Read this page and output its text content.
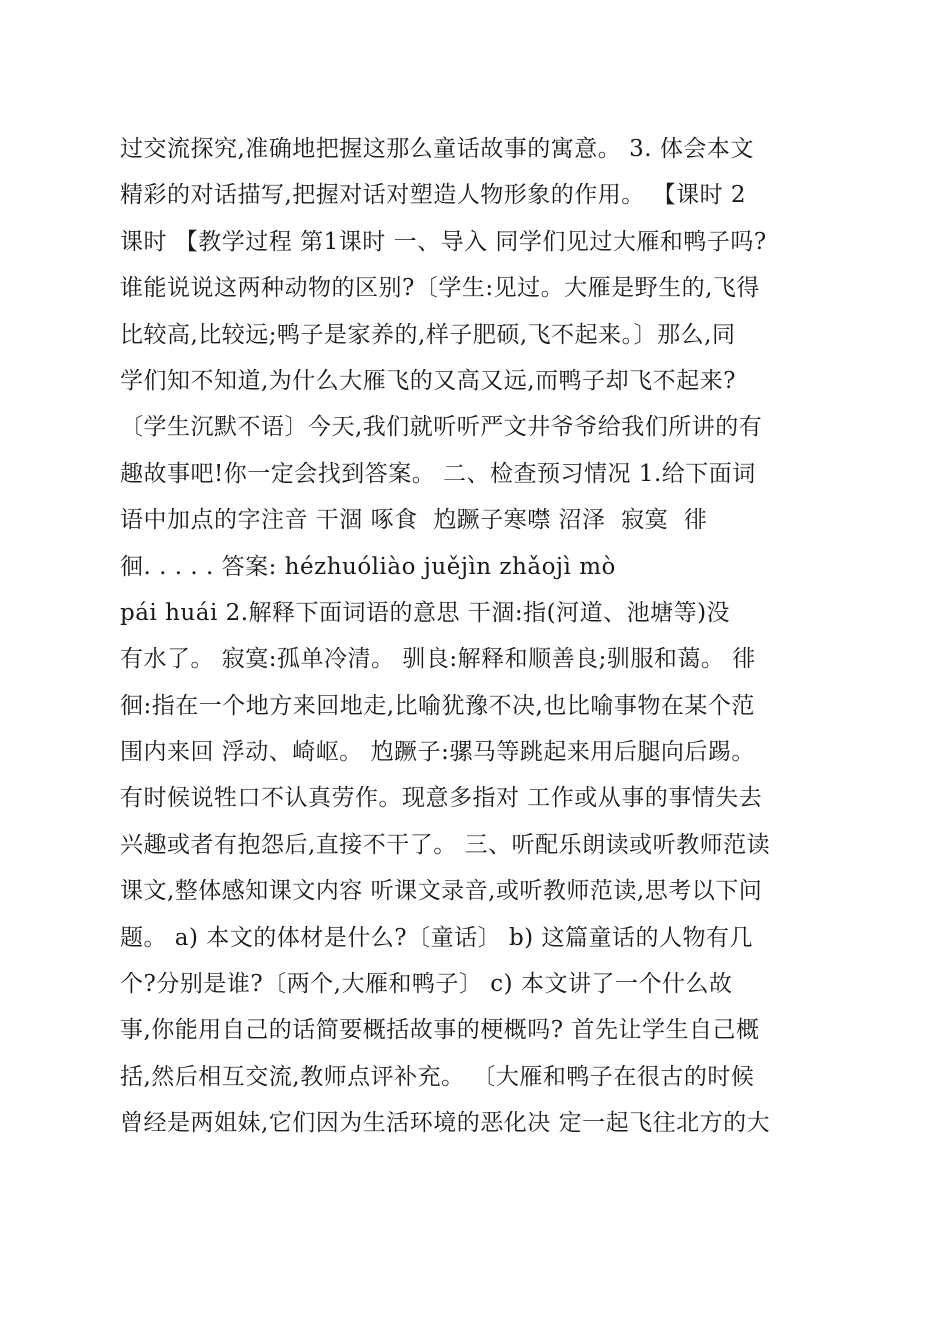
过交流探究,准确地把握这那么童话故事的寓意。 3. 体会本文
精彩的对话描写,把握对话对塑造人物形象的作用。 【课时 2
课时 【教学过程 第1课时 一、导入 同学们见过大雁和鸭子吗?
谁能说说这两种动物的区别?〔学生:见过。大雁是野生的,飞得
比较高,比较远;鸭子是家养的,样子肥硕,飞不起来。〕那么,同
学们知不知道,为什么大雁飞的又高又远,而鸭子却飞不起来?
〔学生沉默不语〕今天,我们就听听严文井爷爷给我们所讲的有
趣故事吧!你一定会找到答案。 二、检查预习情况 1.给下面词
语中加点的字注音 干涸 啄食  尥蹶子寒噤 沼泽  寂寞  徘
徊. . . . . 答案: hézhuóliào juějìn zhǎojì mò
pái huái 2.解释下面词语的意思 干涸:指(河道、池塘等)没
有水了。 寂寞:孤单冷清。 驯良:解释和顺善良;驯服和蔼。 徘
徊:指在一个地方来回地走,比喻犹豫不决,也比喻事物在某个范
围内来回 浮动、崎岖。 尥蹶子:骡马等跳起来用后腿向后踢。
有时候说牲口不认真劳作。现意多指对 工作或从事的事情失去
兴趣或者有抱怨后,直接不干了。 三、听配乐朗读或听教师范读
课文,整体感知课文内容 听课文录音,或听教师范读,思考以下问
题。 a) 本文的体材是什么?〔童话〕 b) 这篇童话的人物有几
个?分别是谁?〔两个,大雁和鸭子〕 c) 本文讲了一个什么故
事,你能用自己的话简要概括故事的梗概吗? 首先让学生自己概
括,然后相互交流,教师点评补充。 〔大雁和鸭子在很古的时候
曾经是两姐妹,它们因为生活环境的恶化决 定一起飞往北方的大
